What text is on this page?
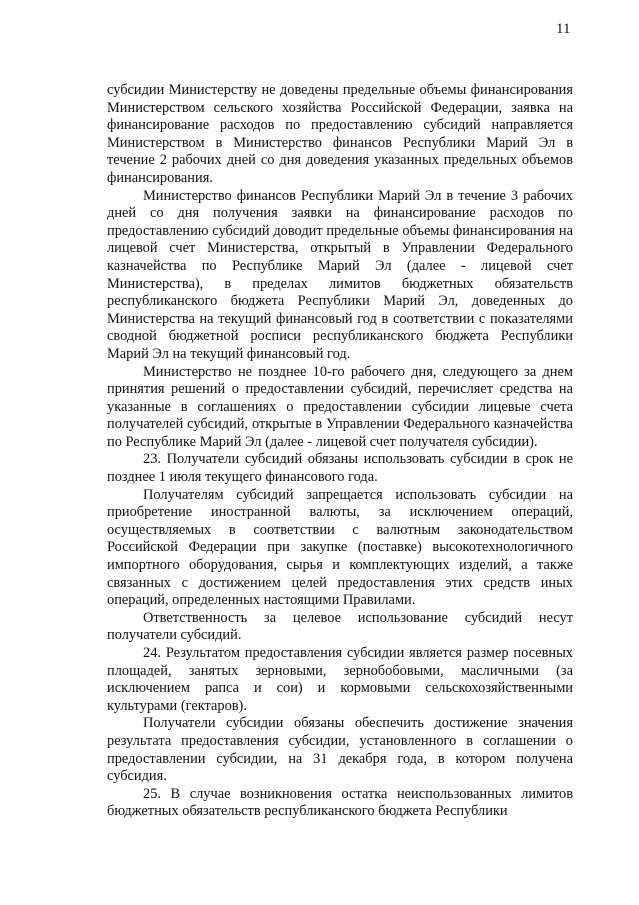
11

субсидии Министерству не доведены предельные объемы финансирования Министерством сельского хозяйства Российской Федерации, заявка на финансирование расходов по предоставлению субсидий направляется Министерством в Министерство финансов Республики Марий Эл в течение 2 рабочих дней со дня доведения указанных предельных объемов финансирования.

Министерство финансов Республики Марий Эл в течение 3 рабочих дней со дня получения заявки на финансирование расходов по предоставлению субсидий доводит предельные объемы финансирования на лицевой счет Министерства, открытый в Управлении Федерального казначейства по Республике Марий Эл (далее - лицевой счет Министерства), в пределах лимитов бюджетных обязательств республиканского бюджета Республики Марий Эл, доведенных до Министерства на текущий финансовый год в соответствии с показателями сводной бюджетной росписи республиканского бюджета Республики Марий Эл на текущий финансовый год.

Министерство не позднее 10-го рабочего дня, следующего за днем принятия решений о предоставлении субсидий, перечисляет средства на указанные в соглашениях о предоставлении субсидии лицевые счета получателей субсидий, открытые в Управлении Федерального казначейства по Республике Марий Эл (далее - лицевой счет получателя субсидии).

23. Получатели субсидий обязаны использовать субсидии в срок не позднее 1 июля текущего финансового года.

Получателям субсидий запрещается использовать субсидии на приобретение иностранной валюты, за исключением операций, осуществляемых в соответствии с валютным законодательством Российской Федерации при закупке (поставке) высокотехнологичного импортного оборудования, сырья и комплектующих изделий, а также связанных с достижением целей предоставления этих средств иных операций, определенных настоящими Правилами.

Ответственность за целевое использование субсидий несут получатели субсидий.

24. Результатом предоставления субсидии является размер посевных площадей, занятых зерновыми, зернобобовыми, масличными (за исключением рапса и сои) и кормовыми сельскохозяйственными культурами (гектаров).

Получатели субсидии обязаны обеспечить достижение значения результата предоставления субсидии, установленного в соглашении о предоставлении субсидии, на 31 декабря года, в котором получена субсидия.

25. В случае возникновения остатка неиспользованных лимитов бюджетных обязательств республиканского бюджета Республики
